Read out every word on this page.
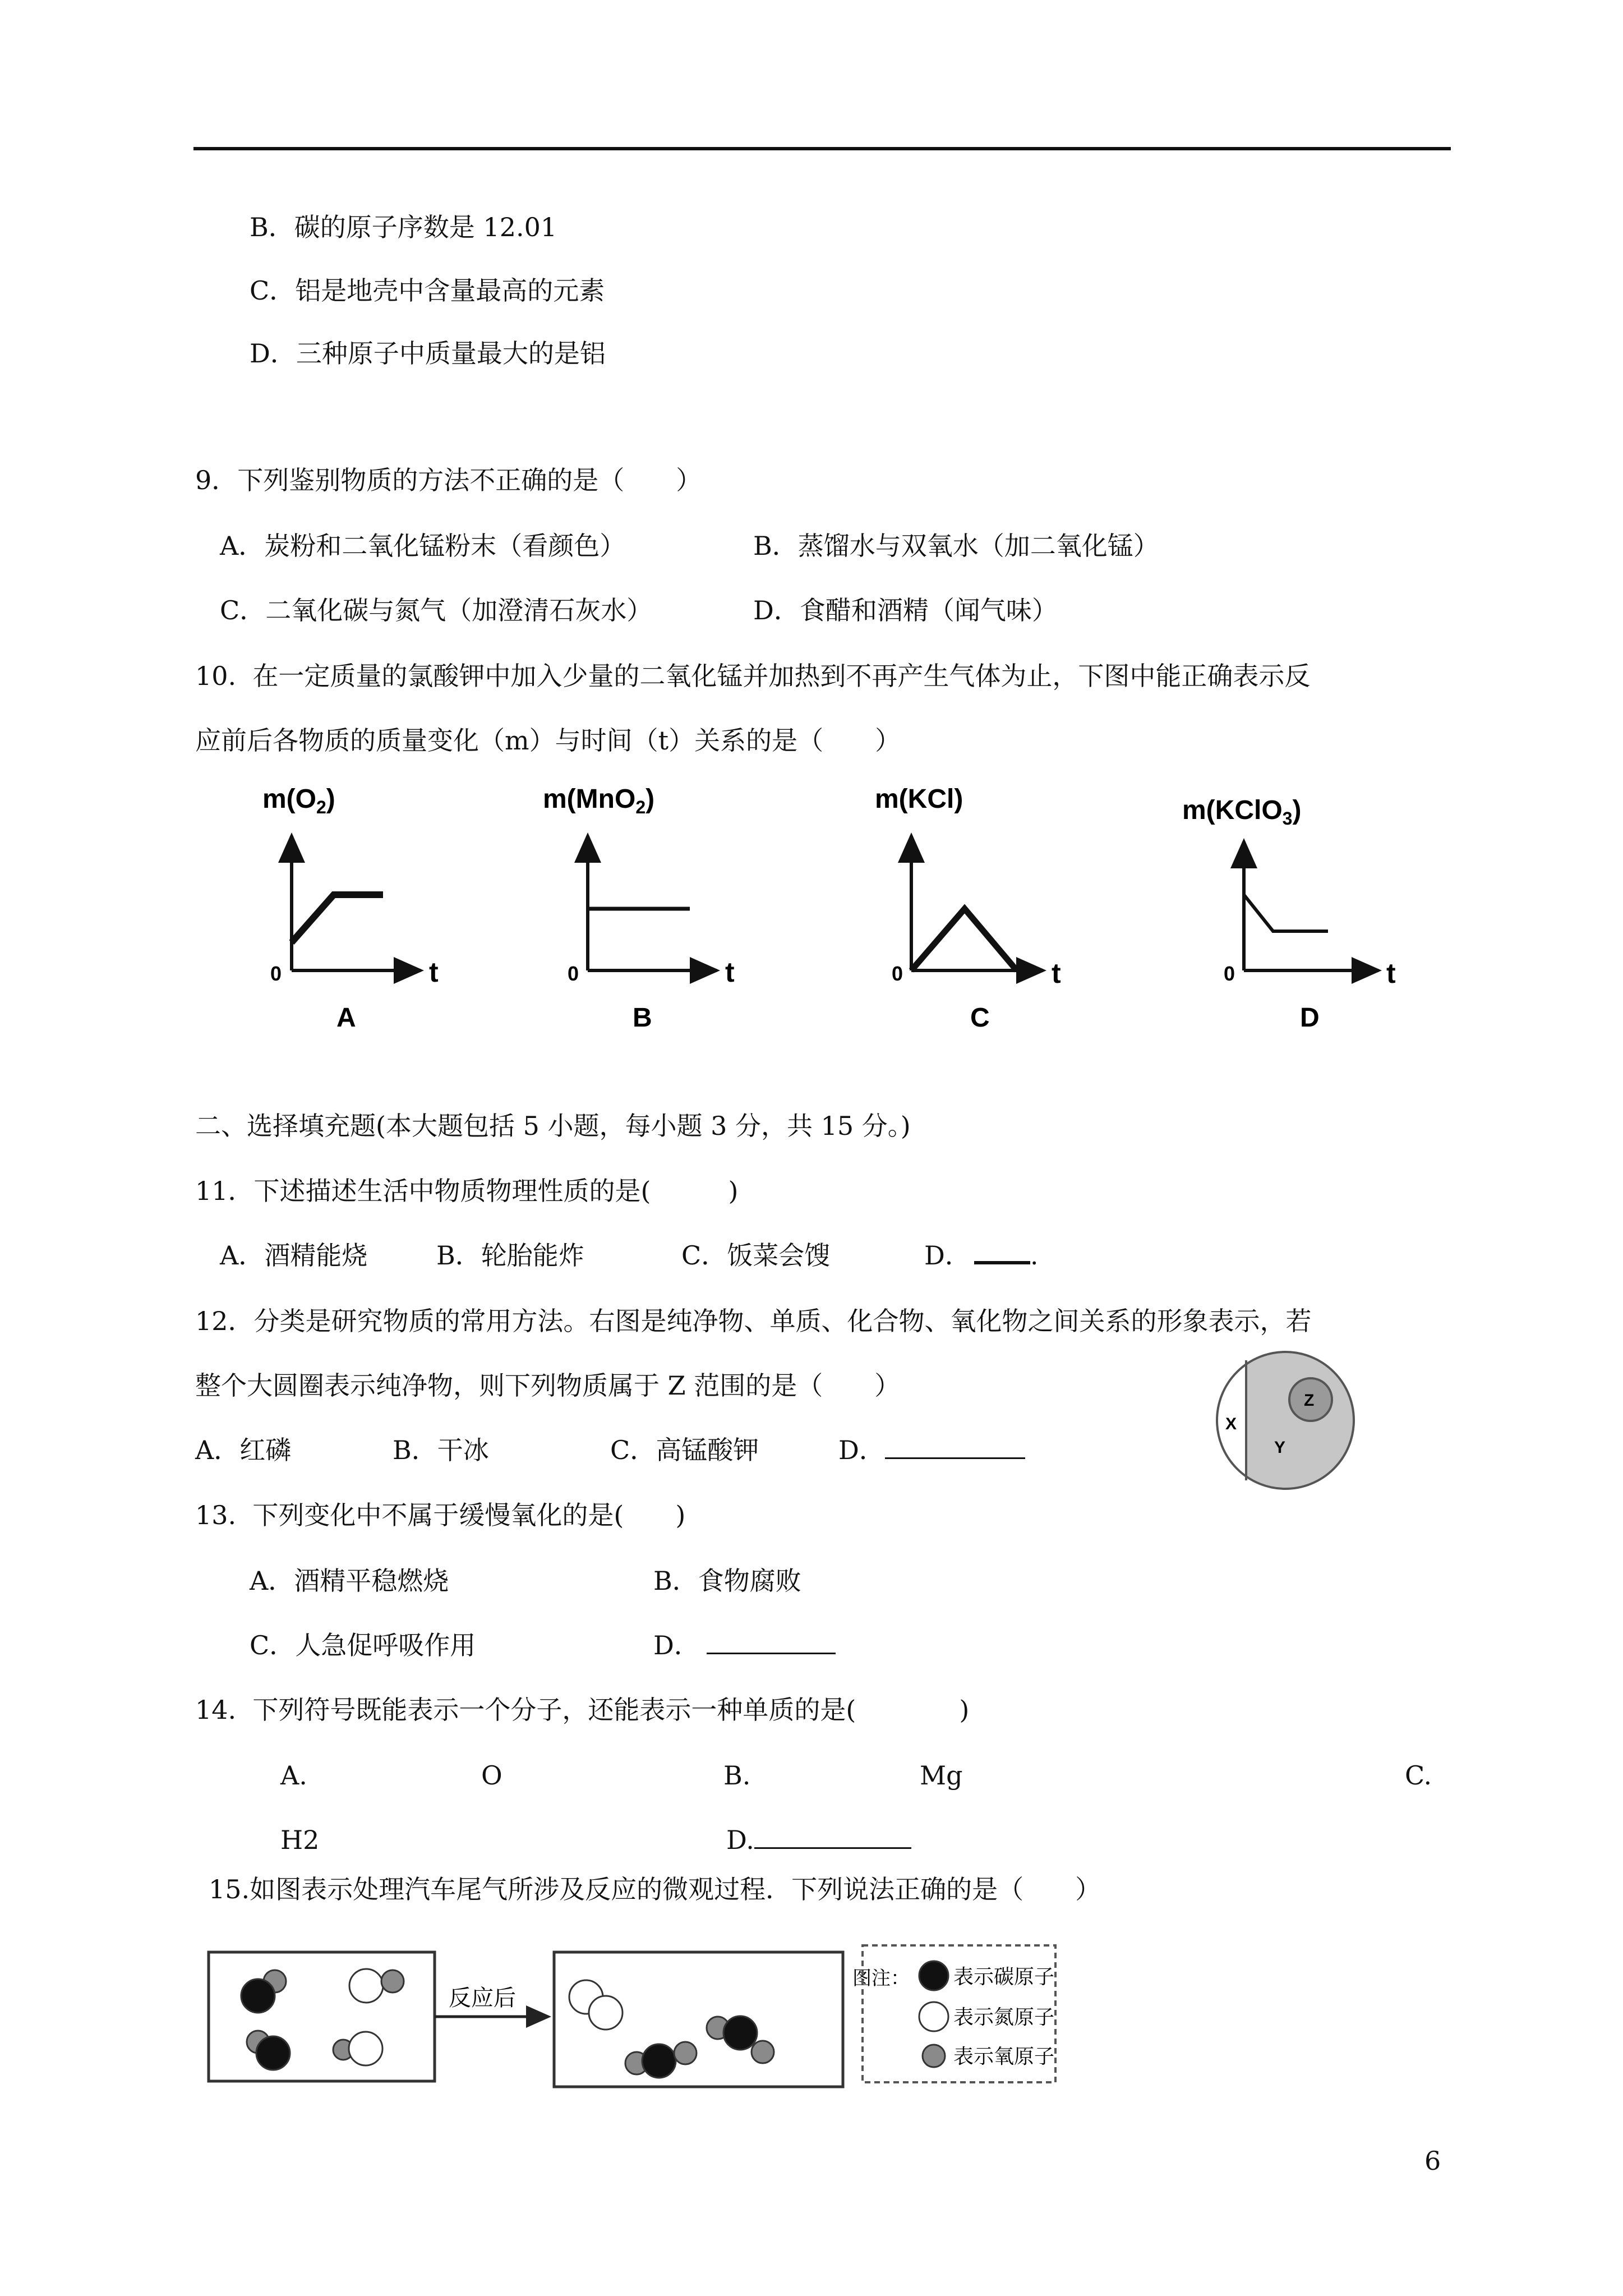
B．碳的原子序数是 12.01
C．铝是地壳中含量最高的元素
D．三种原子中质量最大的是铝
9．下列鉴别物质的方法不正确的是（　　）
A．炭粉和二氧化锰粉末（看颜色）	B．蒸馏水与双氧水（加二氧化锰）
C．二氧化碳与氮气（加澄清石灰水）	D．食醋和酒精（闻气味）
10.  在一定质量的氯酸钾中加入少量的二氧化锰并加热到不再产生气体为止，下图中能正确表示反
应前后各物质的质量变化（m）与时间（t）关系的是（　　）
$m(O_2)$
0	t
A
m(MnO$_2$)
0	t
B
m(KCl)
0	t
C
m(KClO$_3$)
0	t
D
二、选择填充题(本大题包括 5 小题，每小题 3 分，共 15 分。)
11．下述描述生活中物质物理性质的是(　　　)
A．酒精能烧	B．轮胎能炸	C．饭菜会馊	D． .
12．分类是研究物质的常用方法。右图是纯净物、单质、化合物、氧化物之间关系的形象表示，若
整个大圆圈表示纯净物，则下列物质属于 Z 范围的是（　　）
A．红磷	B．干冰	C．高锰酸钾	D．
X
Y
Z
13.  下列变化中不属于缓慢氧化的是(　　)
A．酒精平稳燃烧	B．食物腐败
C．人急促呼吸作用	D．
14.  下列符号既能表示一个分子，还能表示一种单质的是(　　　　)
A.	O	B.	Mg	C.
H2	D.
15.如图表示处理汽车尾气所涉及反应的微观过程．下列说法正确的是（　　）
反应后
图注： 表示碳原子
表示氮原子
表示氧原子
6
